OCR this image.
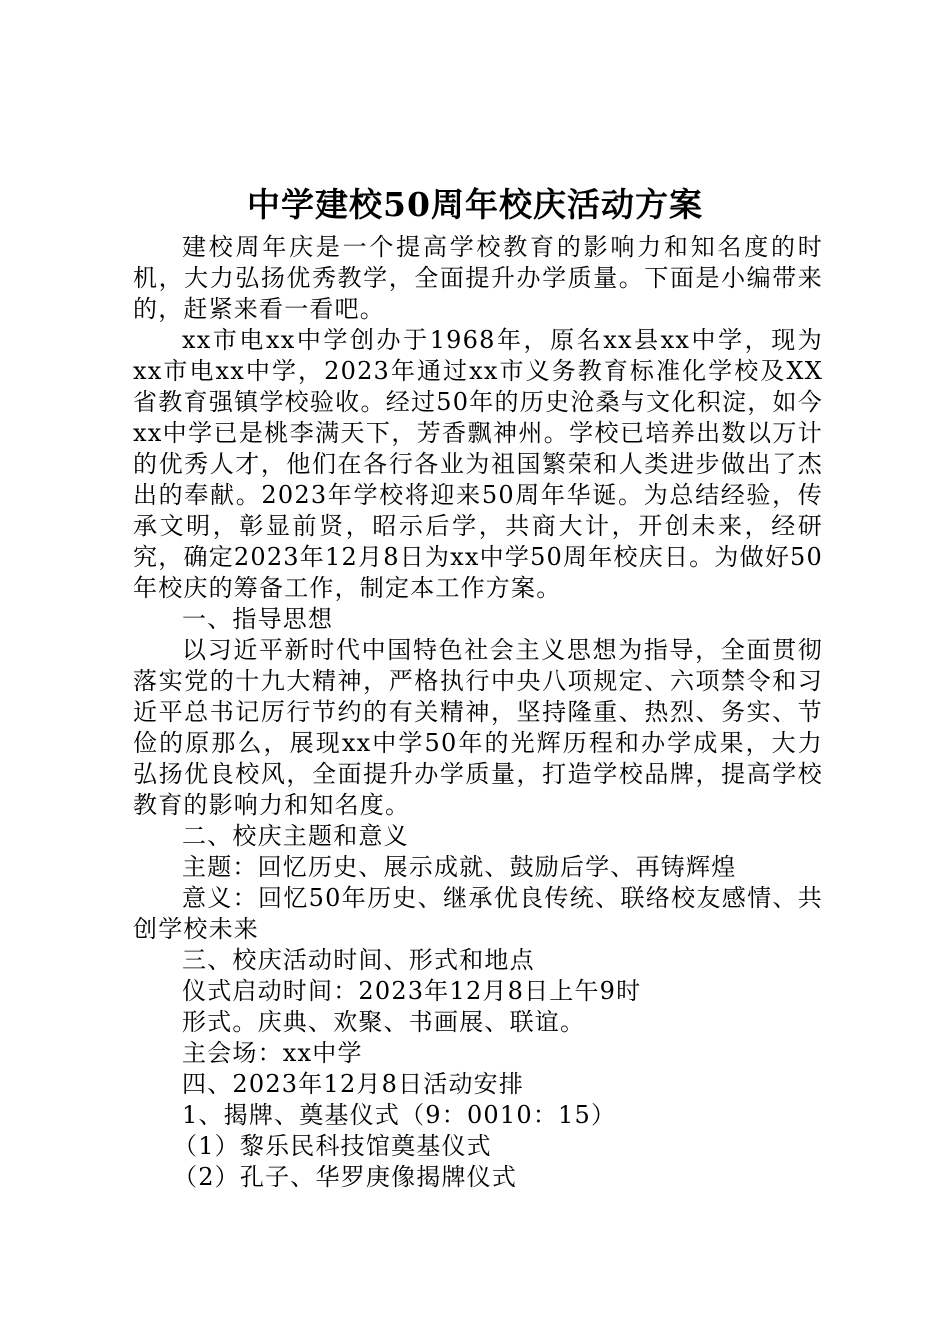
中学建校50周年校庆活动方案

建校周年庆是一个提高学校教育的影响力和知名度的时机，大力弘扬优秀教学，全面提升办学质量。下面是小编带来的，赶紧来看一看吧。

xx市电xx中学创办于1968年，原名xx县xx中学，现为xx市电xx中学，2023年通过xx市义务教育标准化学校及XX省教育强镇学校验收。经过50年的历史沧桑与文化积淀，如今xx中学已是桃李满天下，芳香飘神州。学校已培养出数以万计的优秀人才，他们在各行各业为祖国繁荣和人类进步做出了杰出的奉献。2023年学校将迎来50周年华诞。为总结经验，传承文明，彰显前贤，昭示后学，共商大计，开创未来，经研究，确定2023年12月8日为xx中学50周年校庆日。为做好50年校庆的筹备工作，制定本工作方案。

一、指导思想

以习近平新时代中国特色社会主义思想为指导，全面贯彻落实党的十九大精神，严格执行中央八项规定、六项禁令和习近平总书记厉行节约的有关精神，坚持隆重、热烈、务实、节俭的原那么，展现xx中学50年的光辉历程和办学成果，大力弘扬优良校风，全面提升办学质量，打造学校品牌，提高学校教育的影响力和知名度。

二、校庆主题和意义

主题：回忆历史、展示成就、鼓励后学、再铸辉煌

意义：回忆50年历史、继承优良传统、联络校友感情、共创学校未来

三、校庆活动时间、形式和地点

仪式启动时间：2023年12月8日上午9时

形式。庆典、欢聚、书画展、联谊。

主会场：xx中学

四、2023年12月8日活动安排

1、揭牌、奠基仪式（9：0010：15）

（1）黎乐民科技馆奠基仪式

（2）孔子、华罗庚像揭牌仪式
